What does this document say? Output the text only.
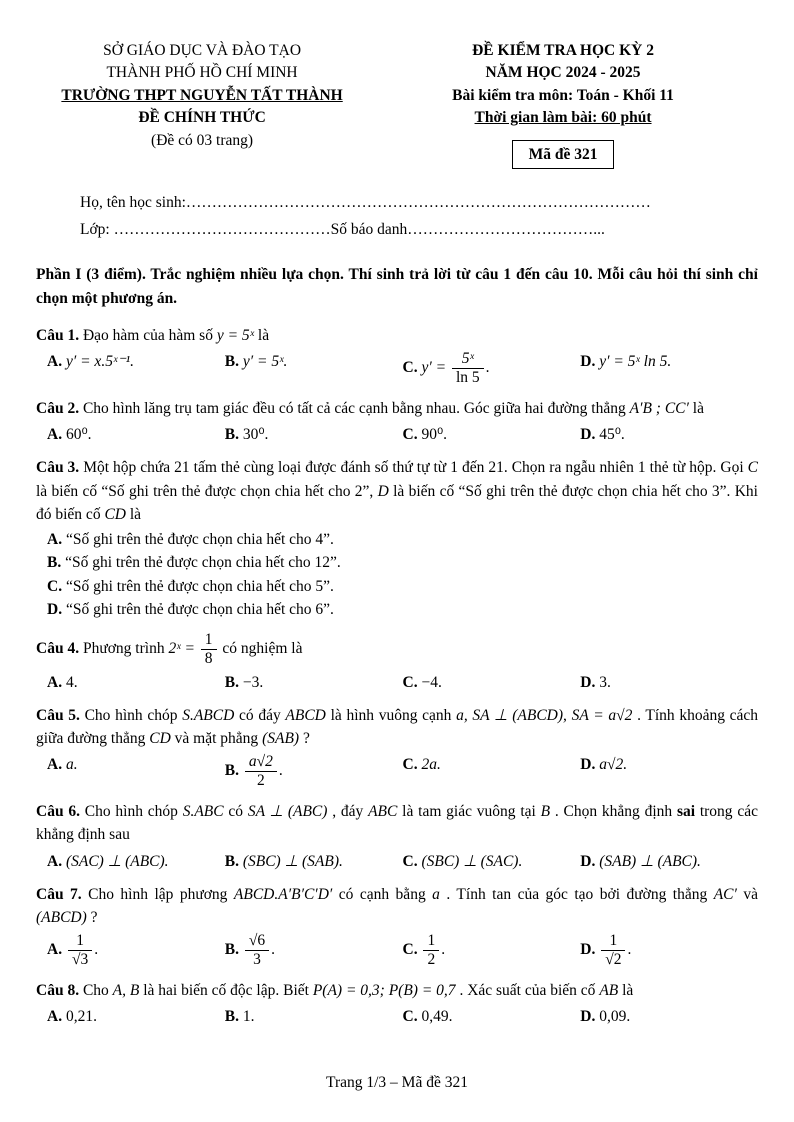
SỞ GIÁO DỤC VÀ ĐÀO TẠO
THÀNH PHỐ HỒ CHÍ MINH
TRƯỜNG THPT NGUYỄN TẤT THÀNH
ĐỀ CHÍNH THỨC
(Đề có 03 trang)
ĐỀ KIỂM TRA HỌC KỲ 2
NĂM HỌC 2024 - 2025
Bài kiểm tra môn: Toán - Khối 11
Thời gian làm bài: 60 phút
Mã đề 321
Họ, tên học sinh:………………………………………………………………………………
Lớp: ……………………………………Số báo danh………………………………...
Phần I (3 điểm). Trắc nghiệm nhiều lựa chọn. Thí sinh trả lời từ câu 1 đến câu 10. Mỗi câu hỏi thí sinh chỉ chọn một phương án.
Câu 1. Đạo hàm của hàm số y = 5ˣ là
A. y′ = x.5ˣ⁻¹.	B. y′ = 5ˣ.	C. $y' = \frac{\text{5ˣ}}{\ln 5}$ .	D. y′ = 5ˣ ln 5.
Câu 2. Cho hình lăng trụ tam giác đều có tất cả các cạnh bằng nhau. Góc giữa hai đường thẳng A′B ; CC′ là
A. 60⁰.	B. 30⁰.	C. 90⁰.	D. 45⁰.
Câu 3. Một hộp chứa 21 tấm thẻ cùng loại được đánh số thứ tự từ 1 đến 21. Chọn ra ngẫu nhiên 1 thẻ từ hộp. Gọi C là biến cố “Số ghi trên thẻ được chọn chia hết cho 2”, D là biến cố “Số ghi trên thẻ được chọn chia hết cho 3”. Khi đó biến cố CD là
A. “Số ghi trên thẻ được chọn chia hết cho 4”.
B. “Số ghi trên thẻ được chọn chia hết cho 12”.
C. “Số ghi trên thẻ được chọn chia hết cho 5”.
D. “Số ghi trên thẻ được chọn chia hết cho 6”.
Câu 4. Phương trình 2ˣ = $\frac{1}{8}$ có nghiệm là
A. 4.	B. −3.	C. −4.	D. 3.
Câu 5. Cho hình chóp S.ABCD có đáy ABCD là hình vuông cạnh a, SA ⊥ (ABCD), SA = a√2 . Tính khoảng cách giữa đường thẳng CD và mặt phẳng (SAB) ?
A. a.	B. $\frac{a√2}{2}$ .	C. 2a.	D. a√2.
Câu 6. Cho hình chóp S.ABC có SA ⊥ (ABC) , đáy ABC là tam giác vuông tại B . Chọn khẳng định sai trong các khẳng định sau
A. (SAC) ⊥ (ABC).	B. (SBC) ⊥ (SAB).	C. (SBC) ⊥ (SAC).	D. (SAB) ⊥ (ABC).
Câu 7. Cho hình lập phương ABCD.A′B′C′D′ có cạnh bằng a . Tính tan của góc tạo bởi đường thẳng AC′ và (ABCD) ?
A. $\frac{1}{√3}$ .	B. $\frac{√6}{3}$ .	C. $\frac{1}{2}$ .	D. $\frac{1}{√2}$ .
Câu 8. Cho A, B là hai biến cố độc lập. Biết P(A) = 0,3; P(B) = 0,7 . Xác suất của biến cố AB là
A. 0,21.	B. 1.	C. 0,49.	D. 0,09.
Trang 1/3 – Mã đề 321
